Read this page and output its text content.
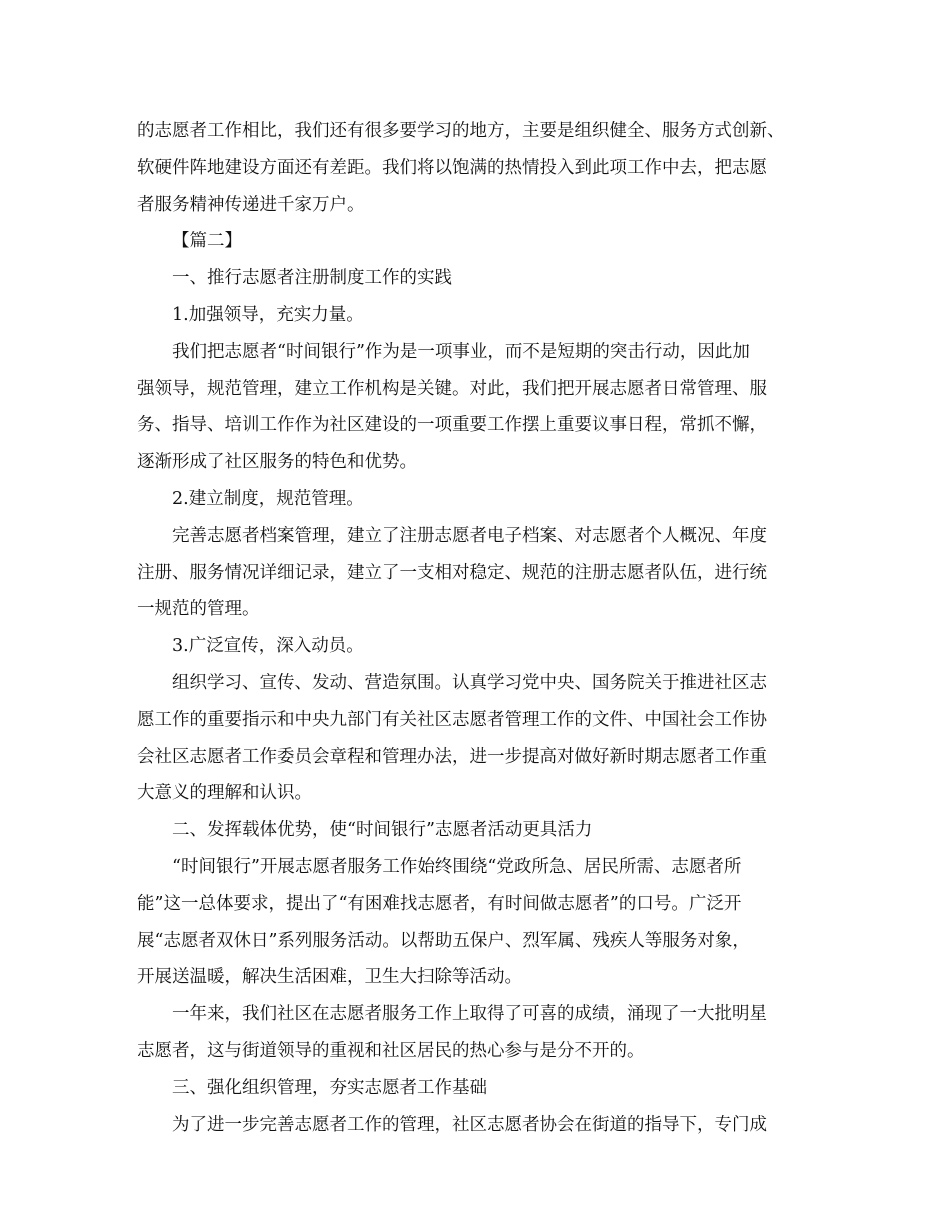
的志愿者工作相比，我们还有很多要学习的地方，主要是组织健全、服务方式创新、

软硬件阵地建设方面还有差距。我们将以饱满的热情投入到此项工作中去，把志愿

者服务精神传递进千家万户。

【篇二】

一、推行志愿者注册制度工作的实践

1.加强领导，充实力量。

我们把志愿者“时间银行”作为是一项事业，而不是短期的突击行动，因此加

强领导，规范管理，建立工作机构是关键。对此，我们把开展志愿者日常管理、服

务、指导、培训工作作为社区建设的一项重要工作摆上重要议事日程，常抓不懈，

逐渐形成了社区服务的特色和优势。

2.建立制度，规范管理。

完善志愿者档案管理，建立了注册志愿者电子档案、对志愿者个人概况、年度

注册、服务情况详细记录，建立了一支相对稳定、规范的注册志愿者队伍，进行统

一规范的管理。

3.广泛宣传，深入动员。

组织学习、宣传、发动、营造氛围。认真学习党中央、国务院关于推进社区志

愿工作的重要指示和中央九部门有关社区志愿者管理工作的文件、中国社会工作协

会社区志愿者工作委员会章程和管理办法，进一步提高对做好新时期志愿者工作重

大意义的理解和认识。

二、发挥载体优势，使“时间银行”志愿者活动更具活力

“时间银行”开展志愿者服务工作始终围绕“党政所急、居民所需、志愿者所

能”这一总体要求，提出了“有困难找志愿者，有时间做志愿者”的口号。广泛开

展“志愿者双休日”系列服务活动。以帮助五保户、烈军属、残疾人等服务对象，

开展送温暖，解决生活困难，卫生大扫除等活动。

一年来，我们社区在志愿者服务工作上取得了可喜的成绩，涌现了一大批明星

志愿者，这与街道领导的重视和社区居民的热心参与是分不开的。

三、强化组织管理，夯实志愿者工作基础

为了进一步完善志愿者工作的管理，社区志愿者协会在街道的指导下，专门成
